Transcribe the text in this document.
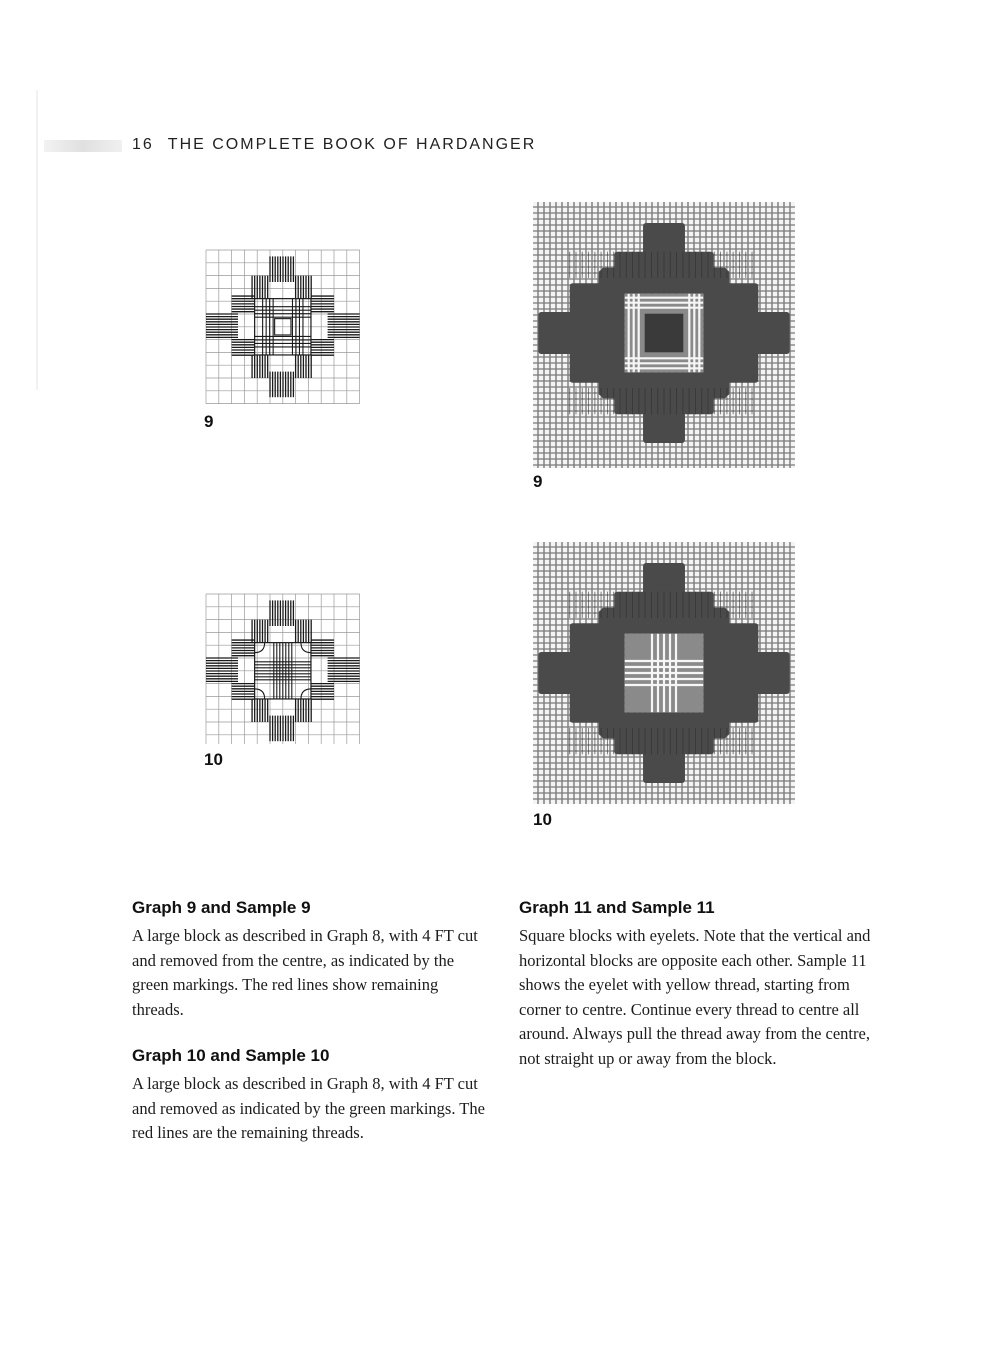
16 THE COMPLETE BOOK OF HARDANGER
9
9
10
10
Graph 9 and Sample 9

A large block as described in Graph 8, with 4 FT cut and removed from the centre, as indicated by the green markings. The red lines show remaining threads.

Graph 10 and Sample 10

A large block as described in Graph 8, with 4 FT cut and removed as indicated by the green markings. The red lines are the remaining threads.

Graph 11 and Sample 11

Square blocks with eyelets. Note that the vertical and horizontal blocks are opposite each other. Sample 11 shows the eyelet with yellow thread, starting from corner to centre. Continue every thread to centre all around. Always pull the thread away from the centre, not straight up or away from the block.
